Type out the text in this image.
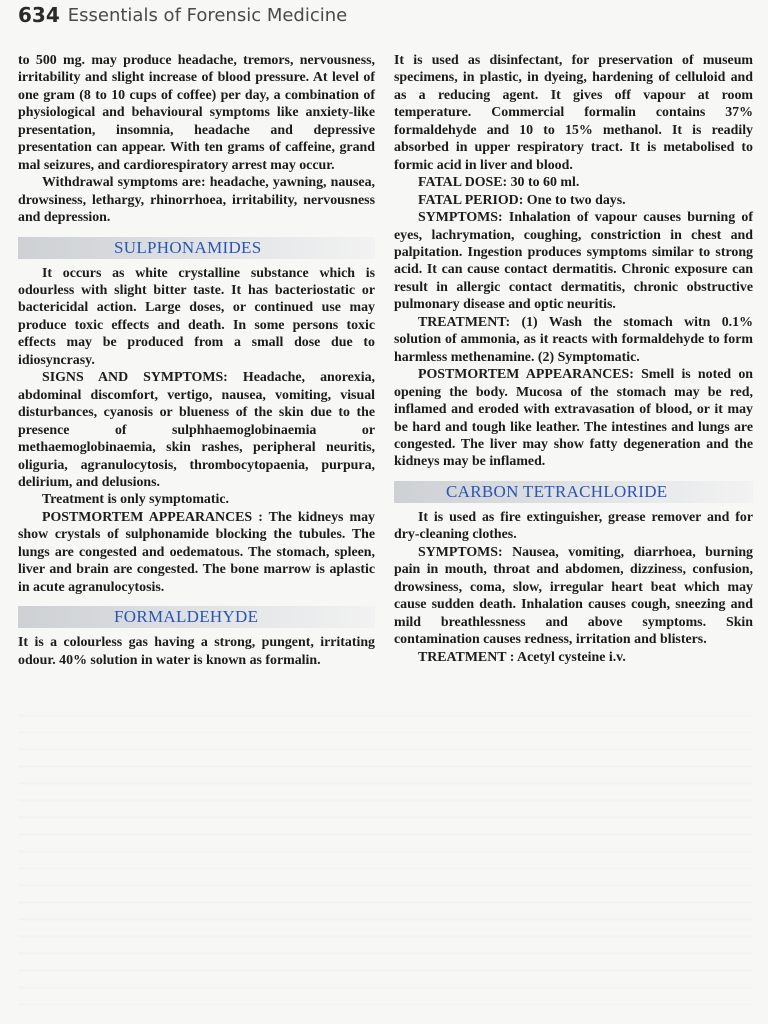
634 Essentials of Forensic Medicine

to 500 mg. may produce headache, tremors, nervousness, irritability and slight increase of blood pressure. At level of one gram (8 to 10 cups of coffee) per day, a combination of physiological and behavioural symptoms like anxiety-like presentation, insomnia, headache and depressive presentation can appear. With ten grams of caffeine, grand mal seizures, and cardiorespiratory arrest may occur.

Withdrawal symptoms are: headache, yawning, nausea, drowsiness, lethargy, rhinorrhoea, irritability, nervousness and depression.

SULPHONAMIDES

It occurs as white crystalline substance which is odourless with slight bitter taste. It has bacteriostatic or bactericidal action. Large doses, or continued use may produce toxic effects and death. In some persons toxic effects may be produced from a small dose due to idiosyncrasy.

SIGNS AND SYMPTOMS: Headache, anorexia, abdominal discomfort, vertigo, nausea, vomiting, visual disturbances, cyanosis or blueness of the skin due to the presence of sulphhaemoglobinaemia or methaemoglobinaemia, skin rashes, peripheral neuritis, oliguria, agranulocytosis, thrombocytopaenia, purpura, delirium, and delusions.

Treatment is only symptomatic.

POSTMORTEM APPEARANCES : The kidneys may show crystals of sulphonamide blocking the tubules. The lungs are congested and oedematous. The stomach, spleen, liver and brain are congested. The bone marrow is aplastic in acute agranulocytosis.

FORMALDEHYDE

It is a colourless gas having a strong, pungent, irritating odour. 40% solution in water is known as formalin.

It is used as disinfectant, for preservation of museum specimens, in plastic, in dyeing, hardening of celluloid and as a reducing agent. It gives off vapour at room temperature. Commercial formalin contains 37% formaldehyde and 10 to 15% methanol. It is readily absorbed in upper respiratory tract. It is metabolised to formic acid in liver and blood.

FATAL DOSE: 30 to 60 ml.

FATAL PERIOD: One to two days.

SYMPTOMS: Inhalation of vapour causes burning of eyes, lachrymation, coughing, constriction in chest and palpitation. Ingestion produces symptoms similar to strong acid. It can cause contact dermatitis. Chronic exposure can result in allergic contact dermatitis, chronic obstructive pulmonary disease and optic neuritis.

TREATMENT: (1) Wash the stomach witn 0.1% solution of ammonia, as it reacts with formaldehyde to form harmless methenamine. (2) Symptomatic.

POSTMORTEM APPEARANCES: Smell is noted on opening the body. Mucosa of the stomach may be red, inflamed and eroded with extravasation of blood, or it may be hard and tough like leather. The intestines and lungs are congested. The liver may show fatty degeneration and the kidneys may be inflamed.

CARBON TETRACHLORIDE

It is used as fire extinguisher, grease remover and for dry-cleaning clothes.

SYMPTOMS: Nausea, vomiting, diarrhoea, burning pain in mouth, throat and abdomen, dizziness, confusion, drowsiness, coma, slow, irregular heart beat which may cause sudden death. Inhalation causes cough, sneezing and mild breathlessness and above symptoms. Skin contamination causes redness, irritation and blisters.

TREATMENT : Acetyl cysteine i.v.
